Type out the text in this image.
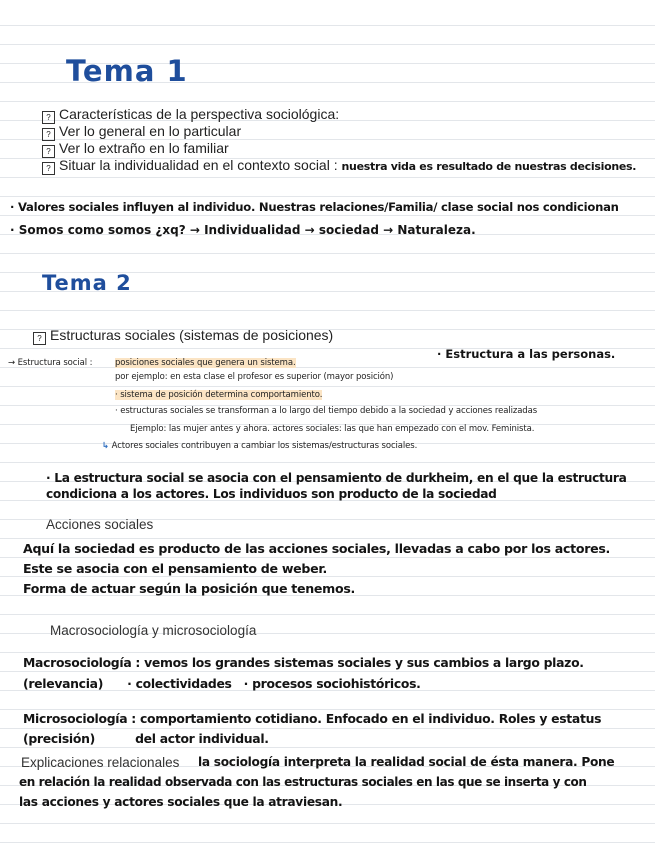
Tema 1
? Características de la perspectiva sociológica:
? Ver lo general en lo particular
? Ver lo extraño en lo familiar
? Situar la individualidad en el contexto social : nuestra vida es resultado de nuestras decisiones.
· Valores sociales influyen al individuo. Nuestras relaciones/Familia/ clase social nos condicionan
· Somos como somos ¿xq? → Individualidad → sociedad → Naturaleza.
Tema 2
? Estructuras sociales (sistemas de posiciones)
→ Estructura social :
· Estructura a las personas.
posiciones sociales que genera un sistema.
por ejemplo: en esta clase el profesor es superior (mayor posición)
· sistema de posición determina comportamiento.
· estructuras sociales se transforman a lo largo del tiempo debido a la sociedad y acciones realizadas
Ejemplo: las mujer antes y ahora. actores sociales: las que han empezado con el mov. Feminista.
↳ Actores sociales contribuyen a cambiar los sistemas/estructuras sociales.
· La estructura social se asocia con el pensamiento de durkheim, en el que la estructura
condiciona a los actores. Los individuos son producto de la sociedad
Acciones sociales
Aquí la sociedad es producto de las acciones sociales, llevadas a cabo por los actores.
Este se asocia con el pensamiento de weber.
Forma de actuar según la posición que tenemos.
Macrosociología y microsociología
Macrosociología : vemos los grandes sistemas sociales y sus cambios a largo plazo.
(relevancia)      · colectividades   · procesos sociohistóricos.
Microsociología : comportamiento cotidiano. Enfocado en el individuo. Roles y estatus
(precisión)          del actor individual.
Explicaciones relacionales la sociología interpreta la realidad social de ésta manera. Pone
en relación la realidad observada con las estructuras sociales en las que se inserta y con
las acciones y actores sociales que la atraviesan.
